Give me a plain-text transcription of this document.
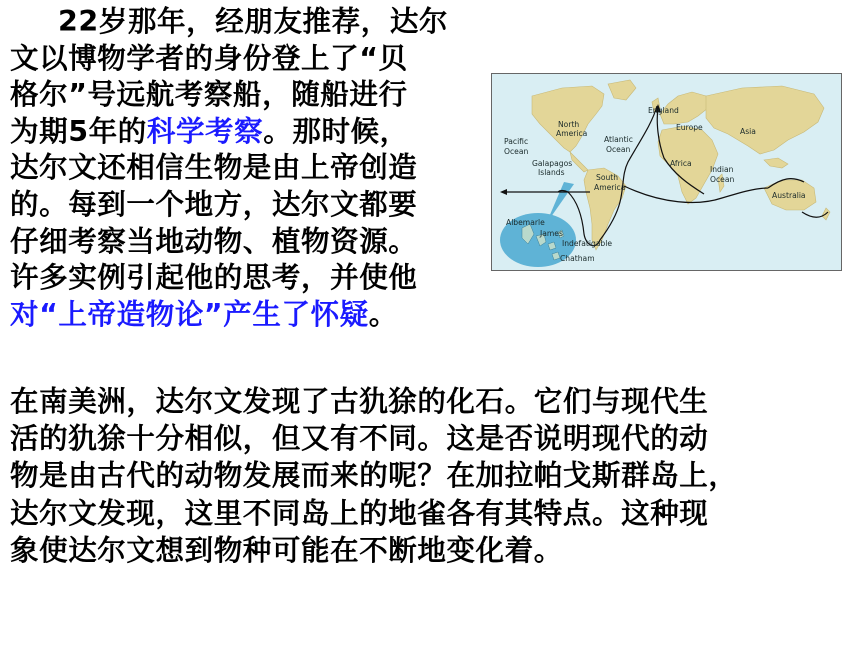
22岁那年，经朋友推荐，达尔
文以博物学者的身份登上了“贝
格尔”号远航考察船，随船进行
为期5年的科学考察。那时候，
达尔文还相信生物是由上帝创造
的。每到一个地方，达尔文都要
仔细考察当地动物、植物资源。
许多实例引起他的思考，并使他
对“上帝造物论”产生了怀疑。
North
America
England
Europe	Asia
Atlantic
Ocean
Pacific
Ocean
Galapagos
Islands
Africa
Indian
Ocean
South
America
Australia
Albemarle
James
Indefatigable
Chatham
在南美洲，达尔文发现了古犰狳的化石。它们与现代生
活的犰狳十分相似，但又有不同。这是否说明现代的动
物是由古代的动物发展而来的呢？在加拉帕戈斯群岛上，
达尔文发现，这里不同岛上的地雀各有其特点。这种现
象使达尔文想到物种可能在不断地变化着。
